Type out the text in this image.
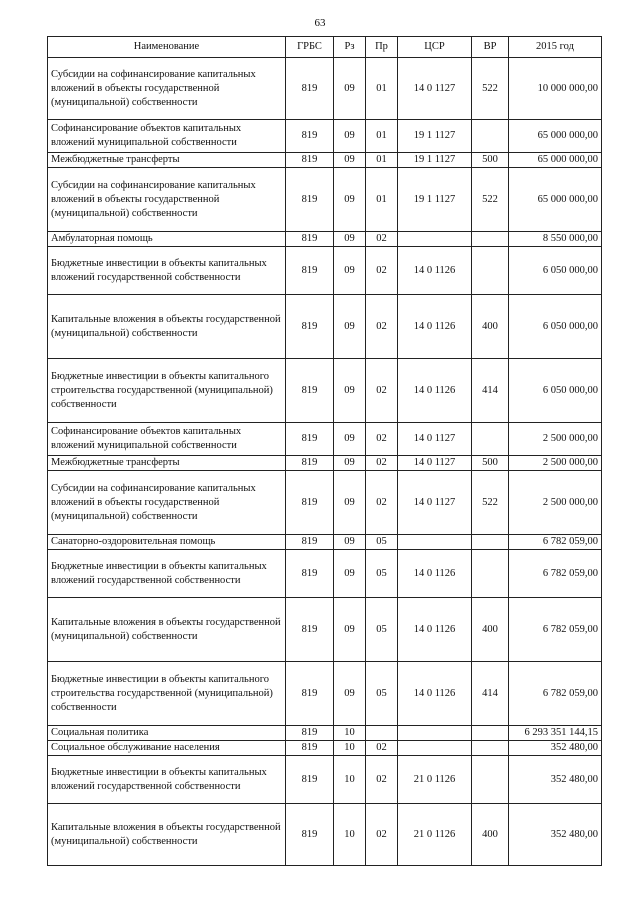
63
Наименование	ГРБС	Рз	Пр	ЦСР	ВР	2015 год
Субсидии на софинансирование капитальных вложений в объекты государственной (муниципальной) собственности	819	09	01	14 0 1127	522	10 000 000,00
Софинансирование объектов капитальных вложений муниципальной собственности	819	09	01	19 1 1127		65 000 000,00
Межбюджетные трансферты	819	09	01	19 1 1127	500	65 000 000,00
Субсидии на софинансирование капитальных вложений в объекты государственной (муниципальной) собственности	819	09	01	19 1 1127	522	65 000 000,00
Амбулаторная помощь	819	09	02			8 550 000,00
Бюджетные инвестиции в объекты капитальных вложений государственной собственности	819	09	02	14 0 1126		6 050 000,00
Капитальные вложения в объекты государственной (муниципальной) собственности	819	09	02	14 0 1126	400	6 050 000,00
Бюджетные инвестиции в объекты капитального строительства государственной (муниципальной) собственности	819	09	02	14 0 1126	414	6 050 000,00
Софинансирование объектов капитальных вложений муниципальной собственности	819	09	02	14 0 1127		2 500 000,00
Межбюджетные трансферты	819	09	02	14 0 1127	500	2 500 000,00
Субсидии на софинансирование капитальных вложений в объекты государственной (муниципальной) собственности	819	09	02	14 0 1127	522	2 500 000,00
Санаторно-оздоровительная помощь	819	09	05			6 782 059,00
Бюджетные инвестиции в объекты капитальных вложений государственной собственности	819	09	05	14 0 1126		6 782 059,00
Капитальные вложения в объекты государственной (муниципальной) собственности	819	09	05	14 0 1126	400	6 782 059,00
Бюджетные инвестиции в объекты капитального строительства государственной (муниципальной) собственности	819	09	05	14 0 1126	414	6 782 059,00
Социальная политика	819	10				6 293 351 144,15
Социальное обслуживание населения	819	10	02			352 480,00
Бюджетные инвестиции в объекты капитальных вложений государственной собственности	819	10	02	21 0 1126		352 480,00
Капитальные вложения в объекты государственной (муниципальной) собственности	819	10	02	21 0 1126	400	352 480,00
